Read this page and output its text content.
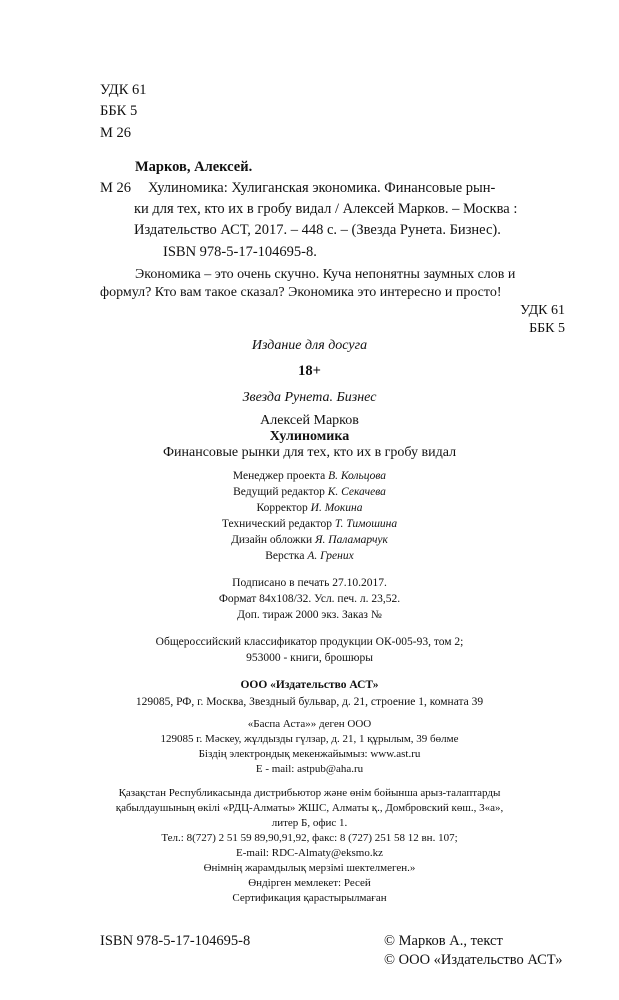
УДК 61
ББК 5
М 26
Марков, Алексей.
М 26 Хулиномика: Хулиганская экономика. Финансовые рын-
ки для тех, кто их в гробу видал / Алексей Марков. – Москва :
Издательство АСТ, 2017. – 448 с. – (Звезда Рунета. Бизнес).
ISBN 978-5-17-104695-8.
Экономика – это очень скучно. Куча непонятны заумных слов и
формул? Кто вам такое сказал? Экономика это интересно и просто!
УДК 61
ББК 5
Издание для досуга
18+
Звезда Рунета. Бизнес
Алексей Марков
Хулиномика
Финансовые рынки для тех, кто их в гробу видал
Менеджер проекта В. Кольцова
Ведущий редактор К. Секачева
Корректор И. Мокина
Технический редактор Т. Тимошина
Дизайн обложки Я. Паламарчук
Верстка А. Грених
Подписано в печать 27.10.2017.
Формат 84x108/32. Усл. печ. л. 23,52.
Доп. тираж 2000 экз. Заказ №
Общероссийский классификатор продукции ОК-005-93, том 2;
953000 - книги, брошюры
ООО «Издательство АСТ»
129085, РФ, г. Москва, Звездный бульвар, д. 21, строение 1, комната 39
«Баспа Аста»» деген ООО
129085 г. Мәскеу, жұлдызды гүлзар, д. 21, 1 құрылым, 39 бөлме
Біздің электрондық мекенжайымыз: www.ast.ru
E - mail: astpub@aha.ru
Қазақстан Республикасында дистрибьютор және өнім бойынша арыз-талаптарды
қабылдаушының өкілі «РДЦ-Алматы» ЖШС, Алматы қ., Домбровский көш., 3«а»,
литер Б, офис 1.
Тел.: 8(727) 2 51 59 89,90,91,92, факс: 8 (727) 251 58 12 вн. 107;
E-mail: RDC-Almaty@eksmo.kz
Өнімнің жарамдылық мерзімі шектелмеген.»
Өндірген мемлекет: Ресей
Сертификация қарастырылмаған
ISBN 978-5-17-104695-8	© Марков А., текст
© ООО «Издательство АСТ»
